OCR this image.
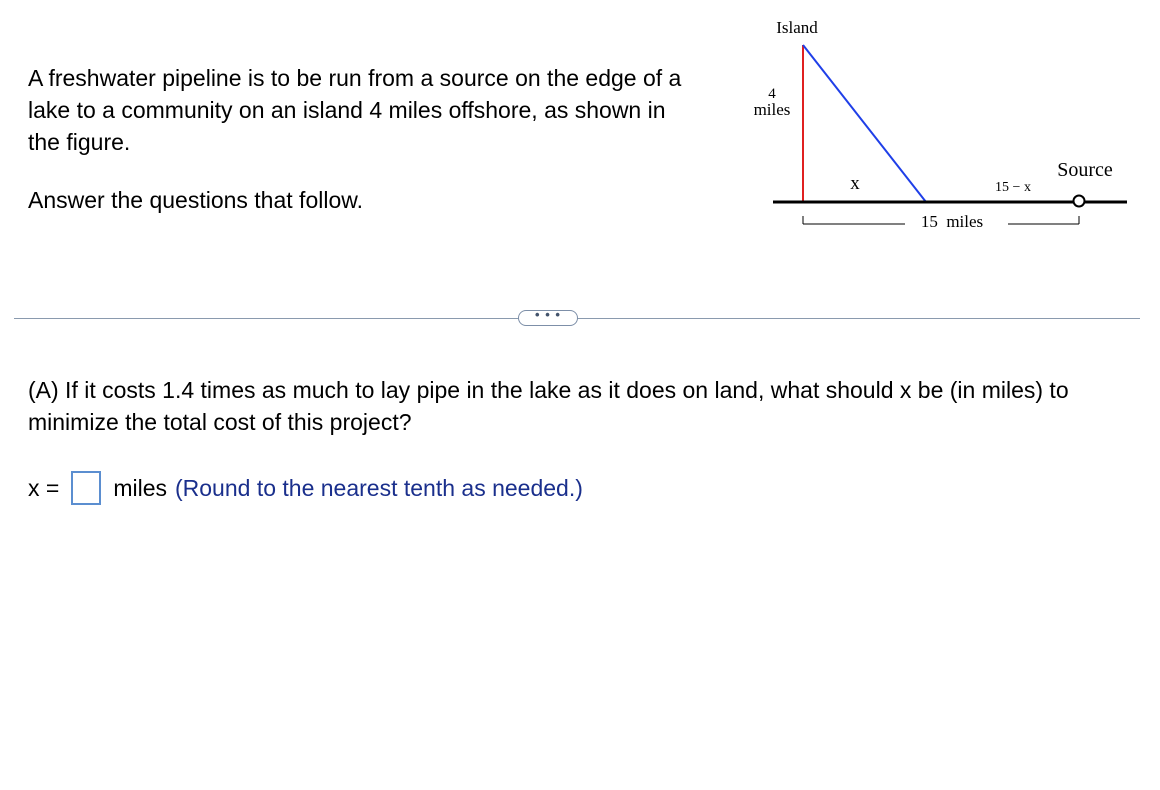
A freshwater pipeline is to be run from a source on the edge of a lake to a community on an island 4 miles offshore, as shown in the figure.

Answer the questions that follow.

Island
4
miles
x	15 − x
Source
15  miles
• • •

(A) If it costs 1.4 times as much to lay pipe in the lake as it does on land, what should x be (in miles) to minimize the total cost of this project?

x = miles (Round to the nearest tenth as needed.)
